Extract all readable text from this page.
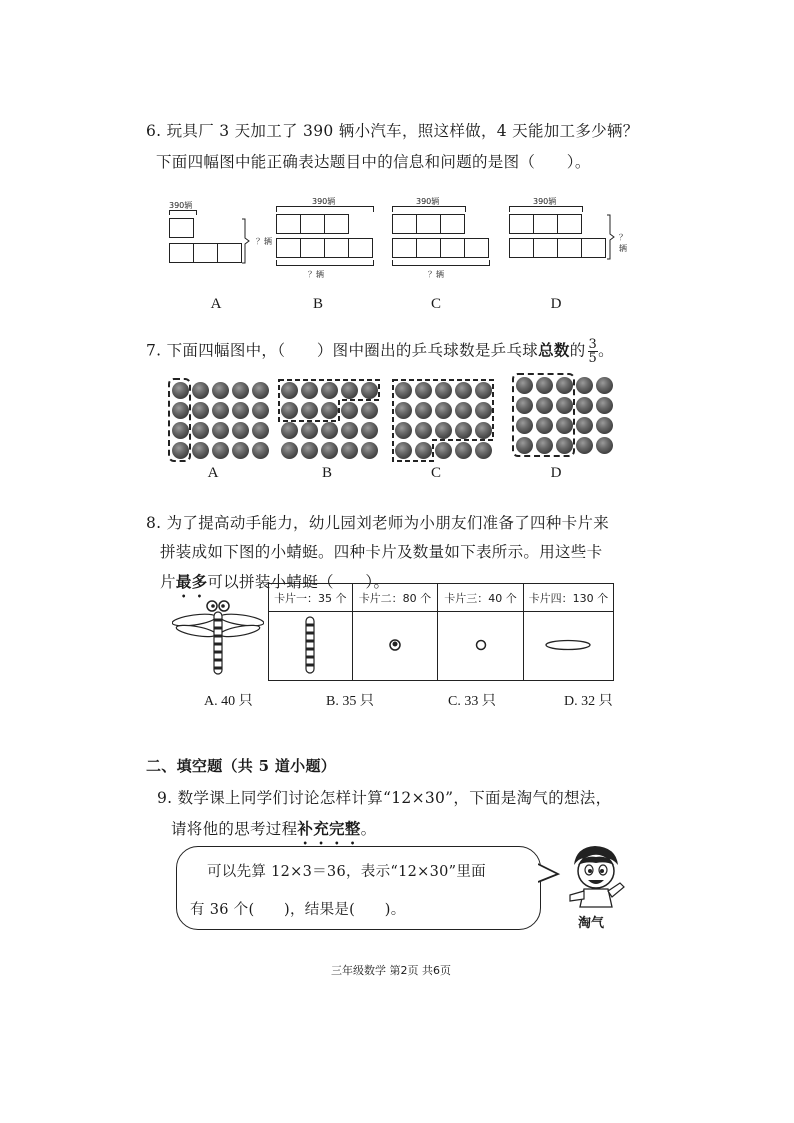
6. 玩具厂 3 天加工了 390 辆小汽车，照这样做，4 天能加工多少辆？
下面四幅图中能正确表达题目中的信息和问题的是图（　　）。
390辆
？辆
390辆
？辆
390辆
？辆
390辆
？辆
A	B	C	D
7. 下面四幅图中，（　　）图中圈出的乒乓球数是乒乓球总数的 $\frac{3}{5}$ 。
A	B	C	D
8. 为了提高动手能力，幼儿园刘老师为小朋友们准备了四种卡片来
拼装成如下图的小蜻蜓。四种卡片及数量如下表所示。用这些卡
片最多可以拼装小蜻蜓（　　）。
卡片一：35 个	卡片二：80 个	卡片三：40 个	卡片四：130 个

A. 40 只	B. 35 只	C. 33 只	D. 32 只
二、填空题（共 5 道小题）
9. 数学课上同学们讨论怎样计算“12×30”，下面是淘气的想法，
请将他的思考过程补充完整。
可以先算 12×3＝36，表示“12×30”里面
有 36 个(　　)，结果是(　　)。
淘气
三年级数学 第2页 共6页
